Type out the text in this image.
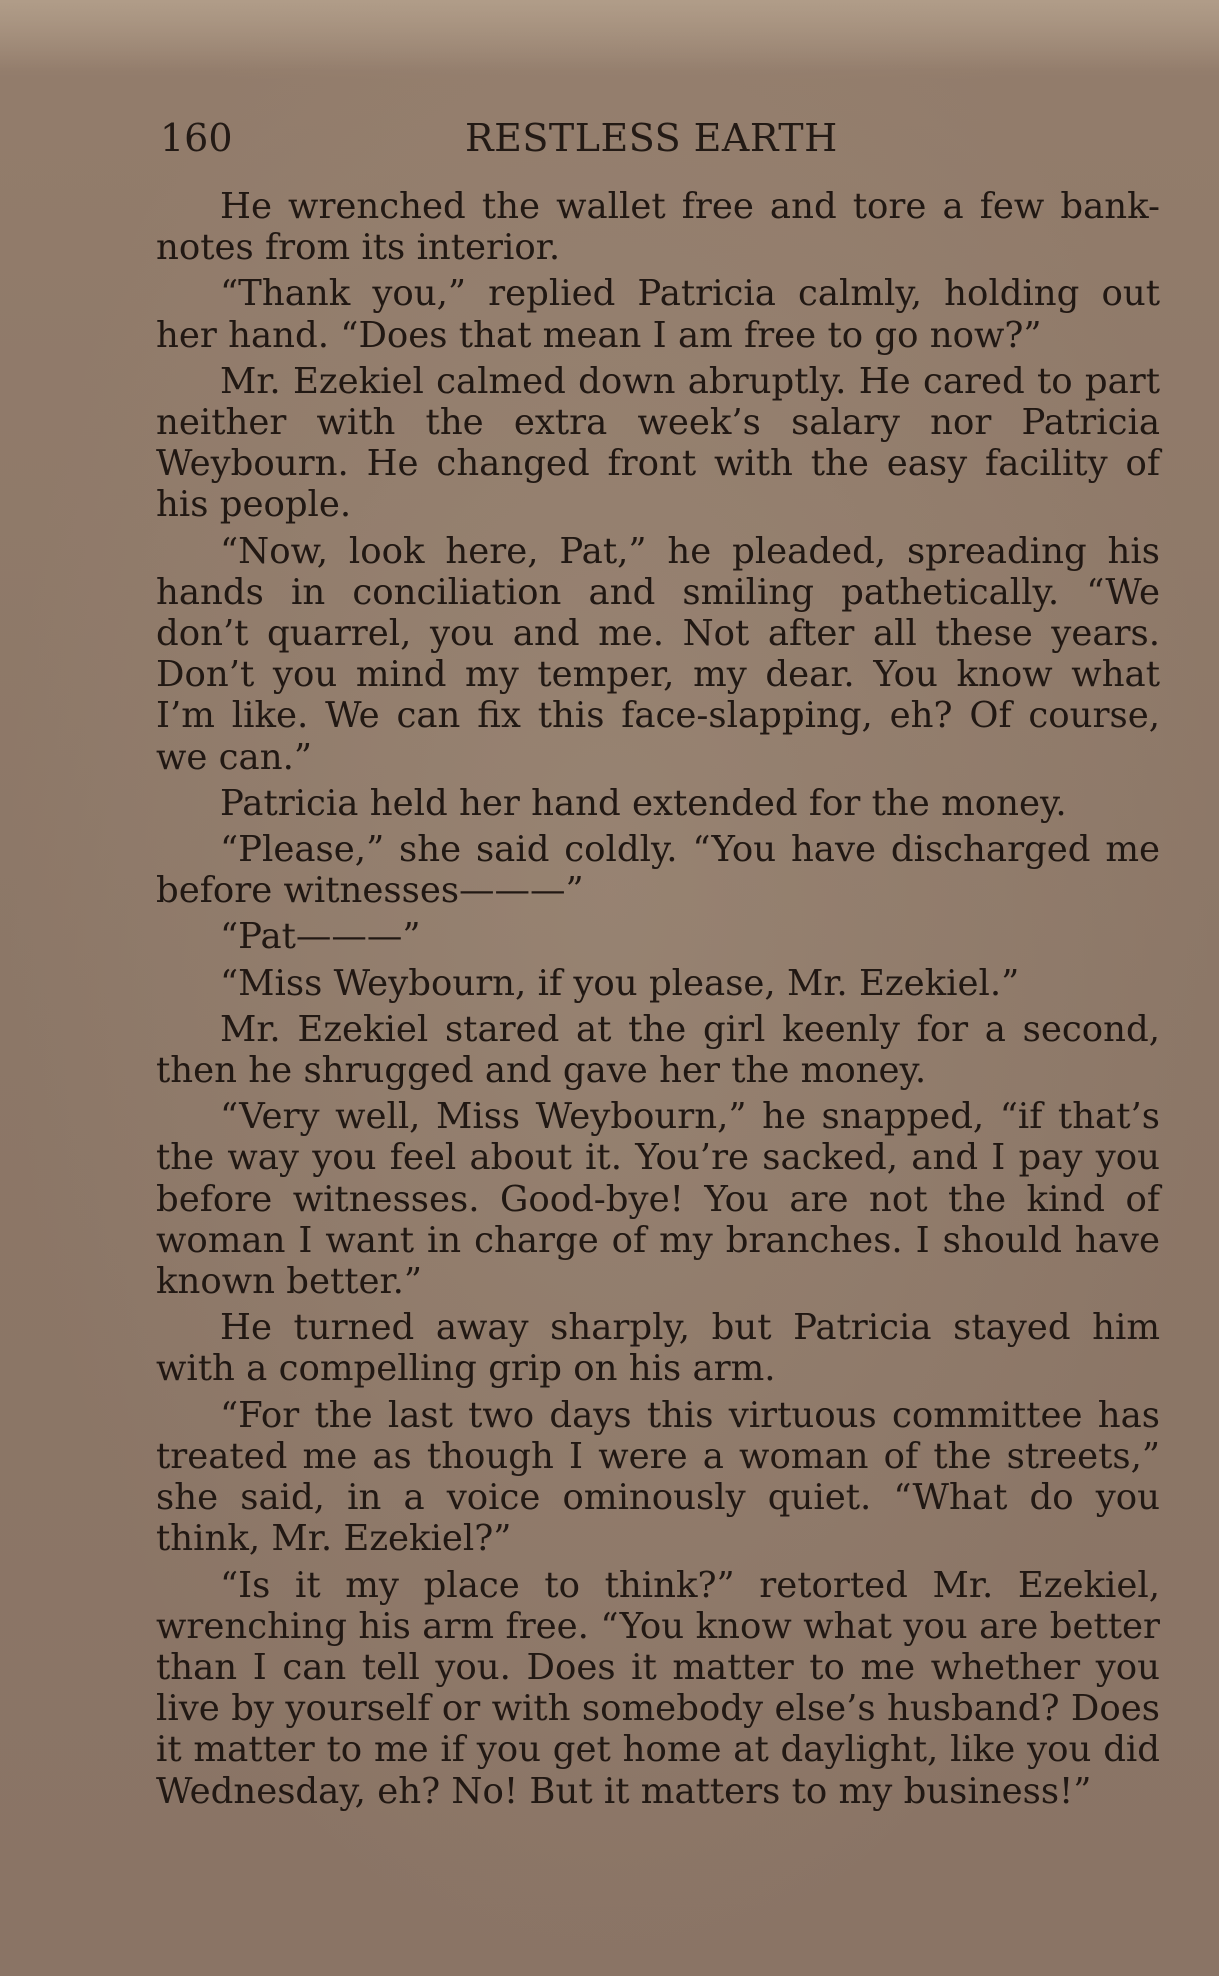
160	RESTLESS EARTH

He wrenched the wallet free and tore a few bank-notes from its interior.

“Thank you,” replied Patricia calmly, holding out her hand. “Does that mean I am free to go now?”

Mr. Ezekiel calmed down abruptly. He cared to part neither with the extra week’s salary nor Patricia Weybourn. He changed front with the easy facility of his people.

“Now, look here, Pat,” he pleaded, spreading his hands in conciliation and smiling pathetically. “We don’t quarrel, you and me. Not after all these years. Don’t you mind my temper, my dear. You know what I’m like. We can fix this face-slapping, eh? Of course, we can.”

Patricia held her hand extended for the money.

“Please,” she said coldly. “You have discharged me before witnesses———”

“Pat———”

“Miss Weybourn, if you please, Mr. Ezekiel.”

Mr. Ezekiel stared at the girl keenly for a second, then he shrugged and gave her the money.

“Very well, Miss Weybourn,” he snapped, “if that’s the way you feel about it. You’re sacked, and I pay you before witnesses. Good-bye! You are not the kind of woman I want in charge of my branches. I should have known better.”

He turned away sharply, but Patricia stayed him with a compelling grip on his arm.

“For the last two days this virtuous committee has treated me as though I were a woman of the streets,” she said, in a voice ominously quiet. “What do you think, Mr. Ezekiel?”

“Is it my place to think?” retorted Mr. Ezekiel, wrenching his arm free. “You know what you are better than I can tell you. Does it matter to me whether you live by yourself or with somebody else’s husband? Does it matter to me if you get home at daylight, like you did Wednesday, eh? No! But it matters to my business!”
